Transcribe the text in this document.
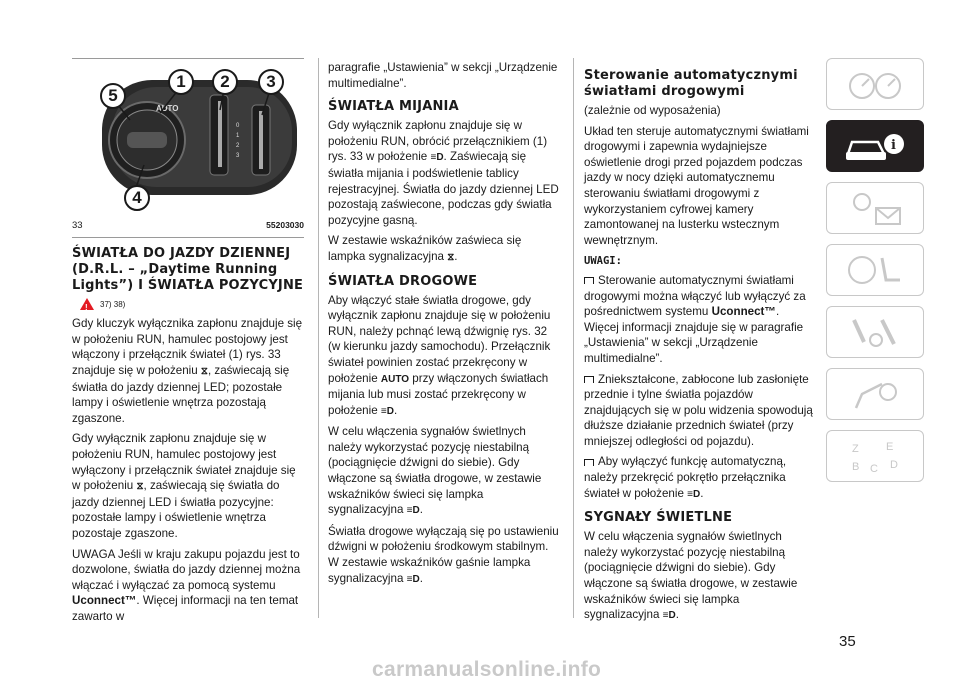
AUTO
0
1
2
3
5
1	2	3
4
33	55203030
ŚWIATŁA DO JAZDY DZIENNEJ (D.R.L. – „Daytime Running Lights”) I ŚWIATŁA POZYCYJNE
!
37) 38)

Gdy kluczyk wyłącznika zapłonu znajduje się w położeniu RUN, hamulec postojowy jest włączony i przełącznik świateł (1) rys. 33 znajduje się w położeniu ⧖, zaświecają się światła do jazdy dziennej LED; pozostałe lampy i oświetlenie wnętrza pozostają zgaszone.

Gdy wyłącznik zapłonu znajduje się w położeniu RUN, hamulec postojowy jest wyłączony i przełącznik świateł znajduje się w położeniu ⧖, zaświecają się światła do jazdy dziennej LED i światła pozycyjne: pozostałe lampy i oświetlenie wnętrza pozostaje zgaszone.

UWAGA Jeśli w kraju zakupu pojazdu jest to dozwolone, światła do jazdy dziennej można włączać i wyłączać za pomocą systemu Uconnect™. Więcej informacji na ten temat zawarto w

paragrafie „Ustawienia” w sekcji „Urządzenie multimedialne”.

ŚWIATŁA MIJANIA

Gdy wyłącznik zapłonu znajduje się w położeniu RUN, obrócić przełącznikiem (1) rys. 33 w położenie ≡D. Zaświecają się światła mijania i podświetlenie tablicy rejestracyjnej. Światła do jazdy dziennej LED pozostają zaświecone, podczas gdy światła pozycyjne gasną.

W zestawie wskaźników zaświeca się lampka sygnalizacyjna ⧖.

ŚWIATŁA DROGOWE

Aby włączyć stałe światła drogowe, gdy wyłącznik zapłonu znajduje się w położeniu RUN, należy pchnąć lewą dźwignię rys. 32 (w kierunku jazdy samochodu). Przełącznik świateł powinien zostać przekręcony w położenie AUTO przy włączonych światłach mijania lub musi zostać przekręcony w położenie ≡D.

W celu włączenia sygnałów świetlnych należy wykorzystać pozycję niestabilną (pociągnięcie dźwigni do siebie). Gdy włączone są światła drogowe, w zestawie wskaźników świeci się lampka sygnalizacyjna ≡D.

Światła drogowe wyłączają się po ustawieniu dźwigni w położeniu środkowym stabilnym. W zestawie wskaźników gaśnie lampka sygnalizacyjna ≡D.

Sterowanie automatycznymi światłami drogowymi

(zależnie od wyposażenia)

Układ ten steruje automatycznymi światłami drogowymi i zapewnia wydajniejsze oświetlenie drogi przed pojazdem podczas jazdy w nocy dzięki automatycznemu sterowaniu światłami drogowymi z wykorzystaniem cyfrowej kamery zamontowanej na lusterku wstecznym wewnętrznym.

UWAGI:

Sterowanie automatycznymi światłami drogowymi można włączyć lub wyłączyć za pośrednictwem systemu Uconnect™. Więcej informacji znajduje się w paragrafie „Ustawienia” w sekcji „Urządzenie multimedialne”.

Zniekształcone, zabłocone lub zasłonięte przednie i tylne światła pojazdów znajdujących się w polu widzenia spowodują dłuższe działanie przednich świateł (przy mniejszej odległości od pojazdu).

Aby wyłączyć funkcję automatyczną, należy przekręcić pokrętło przełącznika świateł w położenie ≡D.

SYGNAŁY ŚWIETLNE

W celu włączenia sygnałów świetlnych należy wykorzystać pozycję niestabilną (pociągnięcie dźwigni do siebie). Gdy włączone są światła drogowe, w zestawie wskaźników świeci się lampka sygnalizacyjna ≡D.

35
i
Z E
B C D
carmanualsonline.info
